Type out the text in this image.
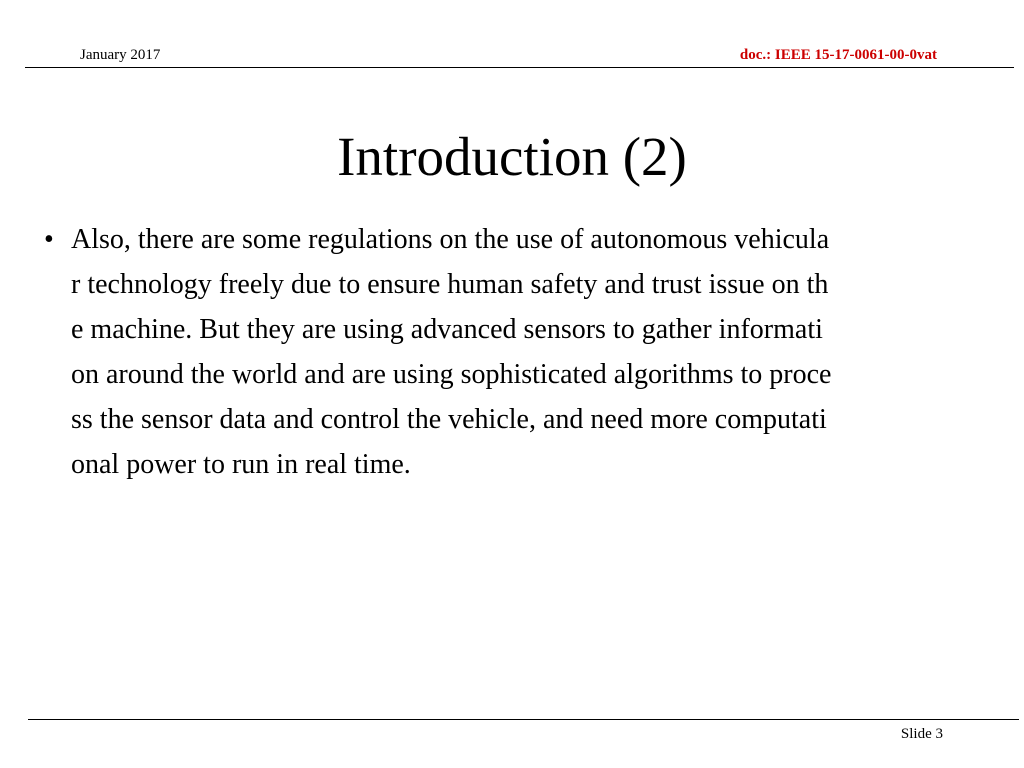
January 2017	doc.: IEEE 15-17-0061-00-0vat
Introduction (2)
• Also, there are some regulations on the use of autonomous vehicula
r technology freely due to ensure human safety and trust issue on th
e machine. But they are using advanced sensors to gather informati
on around the world and are using sophisticated algorithms to proce
ss the sensor data and control the vehicle, and need more computati
onal power to run in real time.
Slide 3
